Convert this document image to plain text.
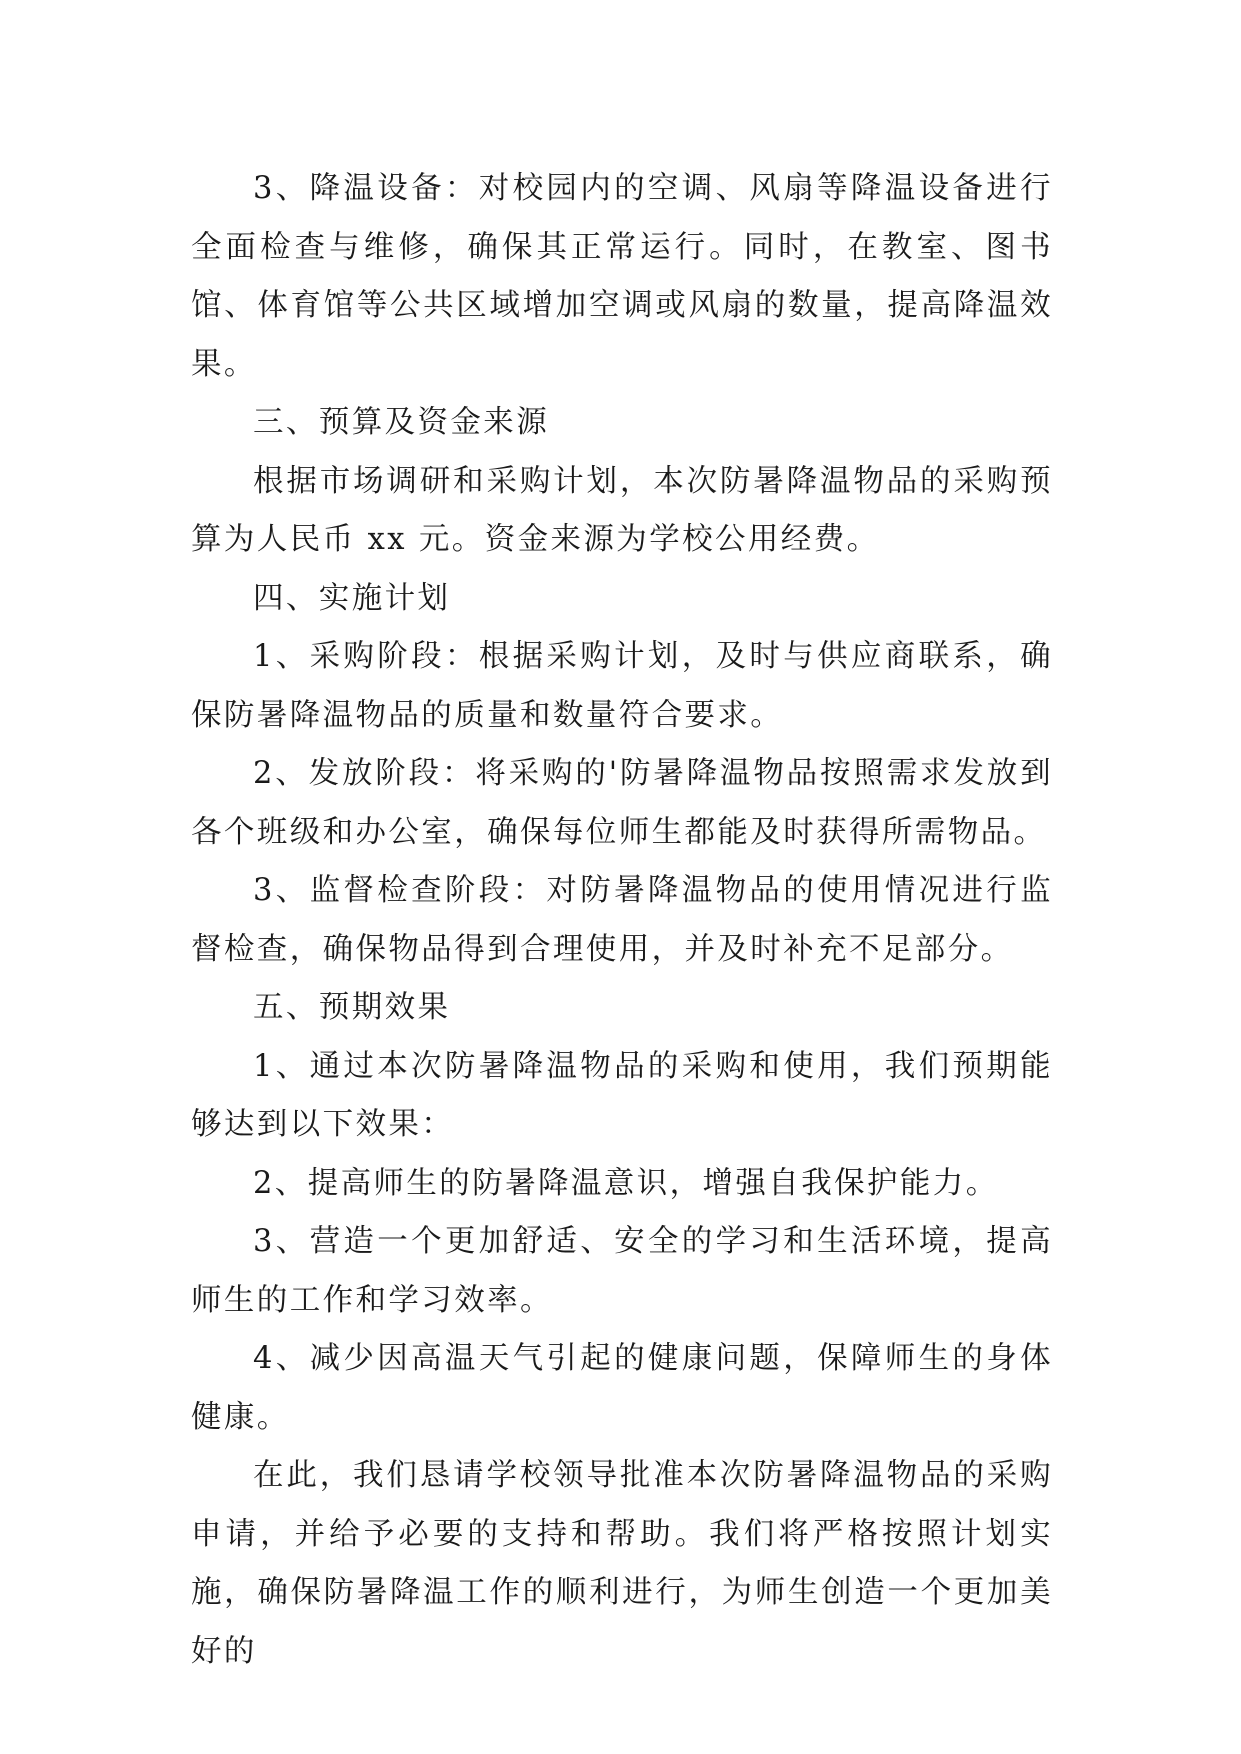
3、降温设备：对校园内的空调、风扇等降温设备进行全面检查与维修，确保其正常运行。同时，在教室、图书馆、体育馆等公共区域增加空调或风扇的数量，提高降温效果。

三、预算及资金来源

根据市场调研和采购计划，本次防暑降温物品的采购预算为人民币 xx 元。资金来源为学校公用经费。

四、实施计划

1、采购阶段：根据采购计划，及时与供应商联系，确保防暑降温物品的质量和数量符合要求。

2、发放阶段：将采购的'防暑降温物品按照需求发放到各个班级和办公室，确保每位师生都能及时获得所需物品。

3、监督检查阶段：对防暑降温物品的使用情况进行监督检查，确保物品得到合理使用，并及时补充不足部分。

五、预期效果

1、通过本次防暑降温物品的采购和使用，我们预期能够达到以下效果：

2、提高师生的防暑降温意识，增强自我保护能力。

3、营造一个更加舒适、安全的学习和生活环境，提高师生的工作和学习效率。

4、减少因高温天气引起的健康问题，保障师生的身体健康。

在此，我们恳请学校领导批准本次防暑降温物品的采购申请，并给予必要的支持和帮助。我们将严格按照计划实施，确保防暑降温工作的顺利进行，为师生创造一个更加美好的
